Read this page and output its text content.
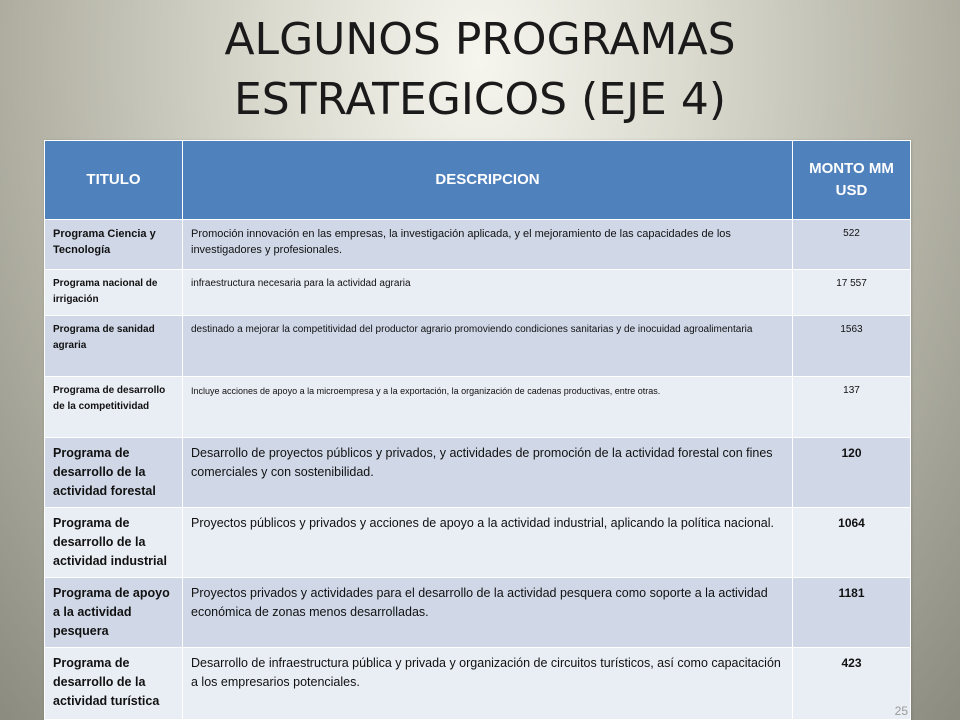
ALGUNOS PROGRAMAS
ESTRATEGICOS (EJE 4)
TITULO	DESCRIPCION	MONTO MM USD
Programa Ciencia y Tecnología	Promoción innovación en las empresas, la investigación aplicada, y el mejoramiento de las capacidades de los investigadores y profesionales.	522
Programa nacional de irrigación	infraestructura necesaria para la actividad agraria	17 557
Programa de sanidad agraria	destinado a mejorar la competitividad del productor agrario promoviendo condiciones sanitarias y de inocuidad agroalimentaria	1563
Programa de desarrollo de la competitividad	Incluye acciones de apoyo a la microempresa y a la exportación, la organización de cadenas productivas, entre otras.	137
Programa de desarrollo de la actividad forestal	Desarrollo de proyectos públicos y privados, y actividades de promoción de la actividad forestal con fines comerciales y con sostenibilidad.	120
Programa de desarrollo de la actividad industrial	Proyectos públicos y privados y acciones de apoyo a la actividad industrial, aplicando la política nacional.	1064
Programa de apoyo a la actividad pesquera	Proyectos privados y actividades para el desarrollo de la actividad pesquera como soporte a la actividad económica de zonas menos desarrolladas.	1181
Programa de desarrollo de la actividad turística	Desarrollo de infraestructura pública y privada y organización de circuitos turísticos, así como capacitación a los empresarios potenciales.	423
25
